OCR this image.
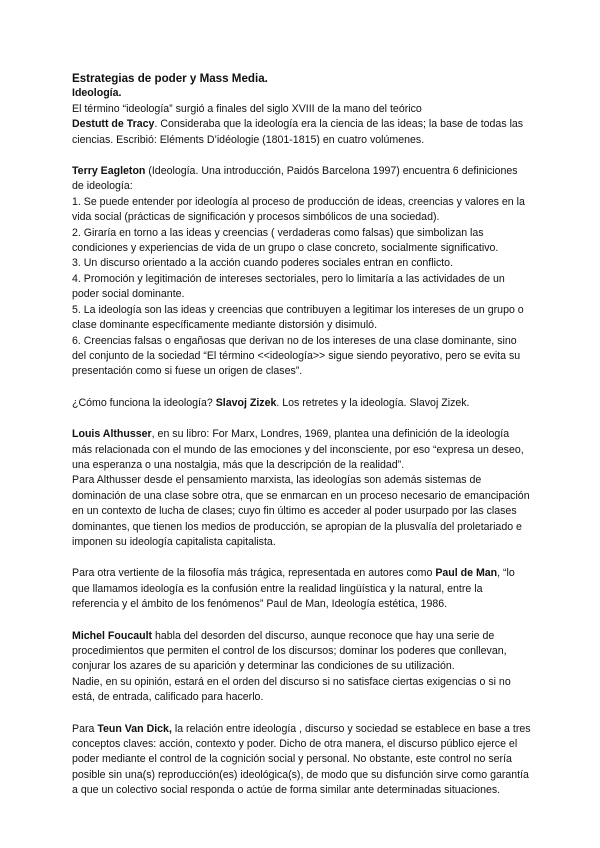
Estrategias de poder y Mass Media.

Ideología.

El término “ideología” surgió a finales del siglo XVIII de la mano del teórico
Destutt de Tracy. Consideraba que la ideología era la ciencia de las ideas; la base de todas las ciencias. Escribió: Eléments D’idéologie (1801-1815) en cuatro volúmenes.

Terry Eagleton (Ideología. Una introducción, Paidós Barcelona 1997) encuentra 6 definiciones de ideología:

1. Se puede entender por ideología al proceso de producción de ideas, creencias y valores en la vida social (prácticas de significación y procesos simbólicos de una sociedad).

2. Giraría en torno a las ideas y creencias ( verdaderas como falsas) que simbolizan las condiciones y experiencias de vida de un grupo o clase concreto, socialmente significativo.

3. Un discurso orientado a la acción cuando poderes sociales entran en conflicto.

4. Promoción y legitimación de intereses sectoriales, pero lo limitaría a las actividades de un poder social dominante.

5. La ideología son las ideas y creencias que contribuyen a legitimar los intereses de un grupo o clase dominante específicamente mediante distorsión y disimuló.

6. Creencias falsas o engañosas que derivan no de los intereses de una clase dominante, sino del conjunto de la sociedad “El término <<ideología>> sigue siendo peyorativo, pero se evita su presentación como si fuese un origen de clases”.

¿Cómo funciona la ideología? Slavoj Zizek. Los retretes y la ideología. Slavoj Zizek.

Louis Althusser, en su libro: For Marx, Londres, 1969, plantea una definición de la ideología más relacionada con el mundo de las emociones y del inconsciente, por eso “expresa un deseo, una esperanza o una nostalgia, más que la descripción de la realidad”.

Para Althusser desde el pensamiento marxista, las ideologías son además sistemas de dominación de una clase sobre otra, que se enmarcan en un proceso necesario de emancipación en un contexto de lucha de clases; cuyo fin último es acceder al poder usurpado por las clases dominantes, que tienen los medios de producción, se apropian de la plusvalía del proletariado e imponen su ideología capitalista capitalista.

Para otra vertiente de la filosofía más trágica, representada en autores como Paul de Man, “lo que llamamos ideología es la confusión entre la realidad lingüística y la natural, entre la referencia y el ámbito de los fenómenos” Paul de Man, Ideología estética, 1986.

Michel Foucault habla del desorden del discurso, aunque reconoce que hay una serie de procedimientos que permiten el control de los discursos; dominar los poderes que conllevan, conjurar los azares de su aparición y determinar las condiciones de su utilización.

Nadie, en su opinión, estará en el orden del discurso si no satisface ciertas exigencias o si no está, de entrada, calificado para hacerlo.

Para Teun Van Dick, la relación entre ideología , discurso y sociedad se establece en base a tres conceptos claves: acción, contexto y poder. Dicho de otra manera, el discurso público ejerce el poder mediante el control de la cognición social y personal. No obstante, este control no sería posible sin una(s) reproducción(es) ideológica(s), de modo que su disfunción sirve como garantía a que un colectivo social responda o actúe de forma similar ante determinadas situaciones.
